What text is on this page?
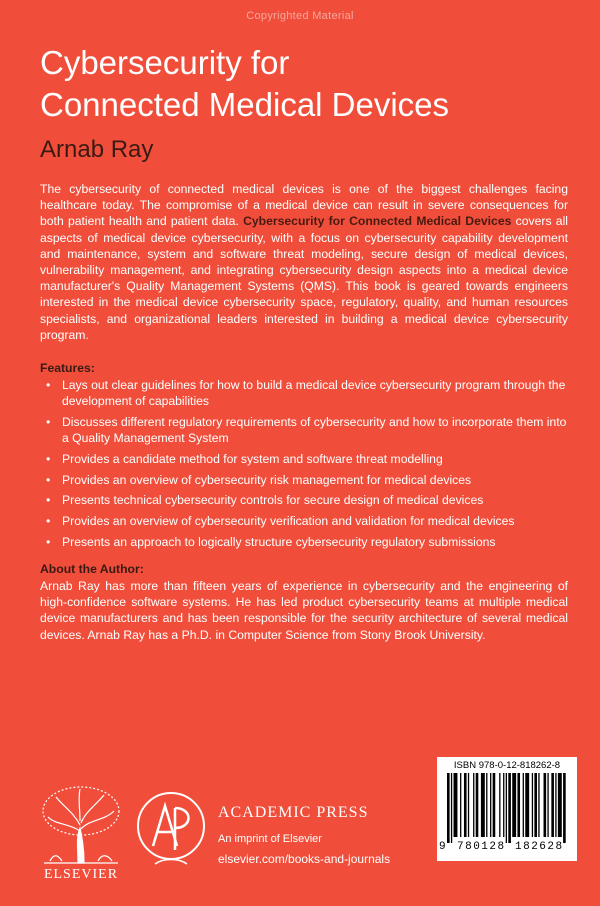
Copyrighted Material
Cybersecurity for
Connected Medical Devices
Arnab Ray
The cybersecurity of connected medical devices is one of the biggest challenges facing healthcare today. The compromise of a medical device can result in severe consequences for both patient health and patient data. Cybersecurity for Connected Medical Devices covers all aspects of medical device cybersecurity, with a focus on cybersecurity capability development and maintenance, system and software threat modeling, secure design of medical devices, vulnerability management, and integrating cybersecurity design aspects into a medical device manufacturer's Quality Management Systems (QMS). This book is geared towards engineers interested in the medical device cybersecurity space, regulatory, quality, and human resources specialists, and organizational leaders interested in building a medical device cybersecurity program.
Features:
• Lays out clear guidelines for how to build a medical device cybersecurity program through the development of capabilities
• Discusses different regulatory requirements of cybersecurity and how to incorporate them into a Quality Management System
• Provides a candidate method for system and software threat modelling
• Provides an overview of cybersecurity risk management for medical devices
• Presents technical cybersecurity controls for secure design of medical devices
• Provides an overview of cybersecurity verification and validation for medical devices
• Presents an approach to logically structure cybersecurity regulatory submissions
About the Author:
Arnab Ray has more than fifteen years of experience in cybersecurity and the engineering of high-confidence software systems. He has led product cybersecurity teams at multiple medical device manufacturers and has been responsible for the security architecture of several medical devices. Arnab Ray has a Ph.D. in Computer Science from Stony Brook University.
ELSEVIER
ACADEMIC PRESS
An imprint of Elsevier
elsevier.com/books-and-journals
ISBN 978-0-12-818262-8
9 780128 182628
